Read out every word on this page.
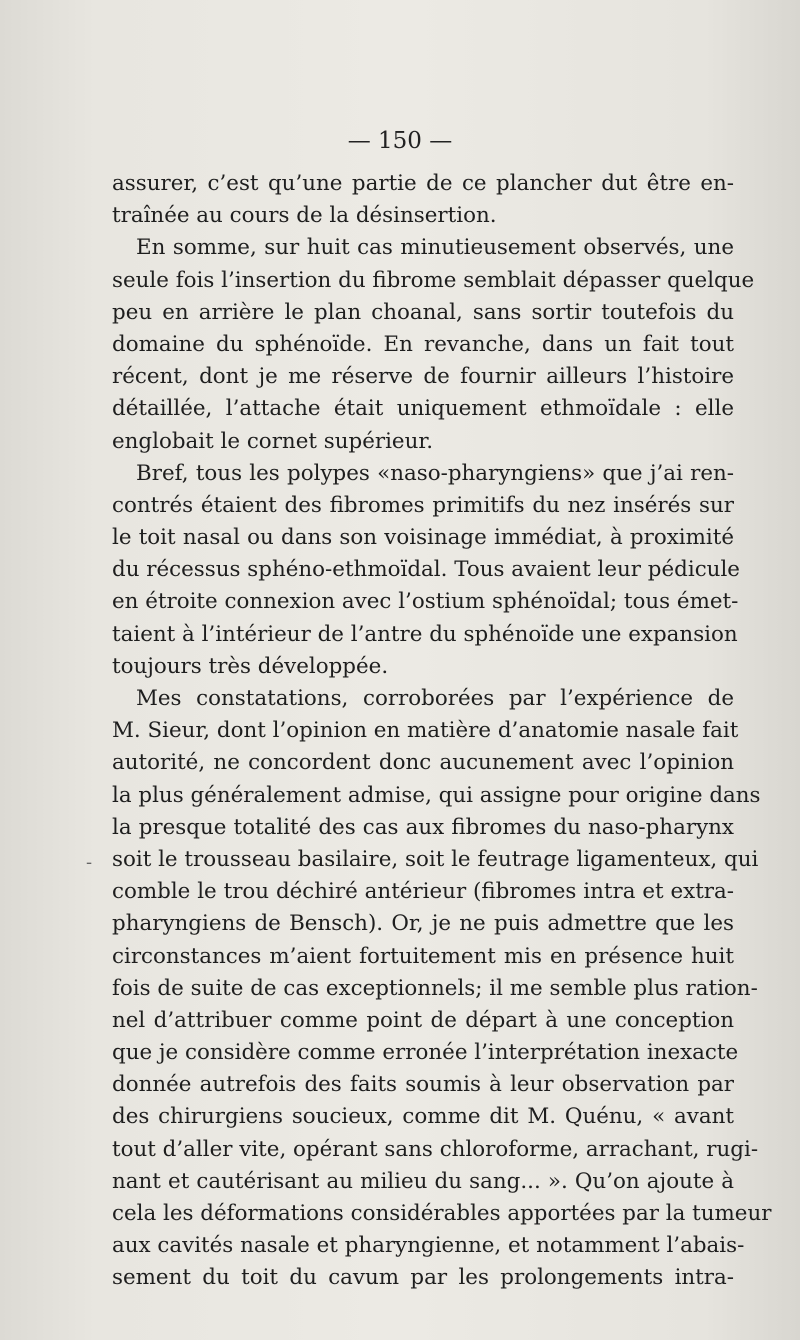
— 150 —
-
assurer, c’est qu’une partie de ce plancher dut être en-
traînée au cours de la désinsertion.
En somme, sur huit cas minutieusement observés, une
seule fois l’insertion du fibrome semblait dépasser quelque
peu en arrière le plan choanal, sans sortir toutefois du
domaine du sphénoïde. En revanche, dans un fait tout
récent, dont je me réserve de fournir ailleurs l’histoire
détaillée, l’attache était uniquement ethmoïdale : elle
englobait le cornet supérieur.
Bref, tous les polypes «naso-pharyngiens» que j’ai ren-
contrés étaient des fibromes primitifs du nez insérés sur
le toit nasal ou dans son voisinage immédiat, à proximité
du récessus sphéno-ethmoïdal. Tous avaient leur pédicule
en étroite connexion avec l’ostium sphénoïdal; tous émet-
taient à l’intérieur de l’antre du sphénoïde une expansion
toujours très développée.
Mes constatations, corroborées par l’expérience de
M. Sieur, dont l’opinion en matière d’anatomie nasale fait
autorité, ne concordent donc aucunement avec l’opinion
la plus généralement admise, qui assigne pour origine dans
la presque totalité des cas aux fibromes du naso-pharynx
soit le trousseau basilaire, soit le feutrage ligamenteux, qui
comble le trou déchiré antérieur (fibromes intra et extra-
pharyngiens de Bensch). Or, je ne puis admettre que les
circonstances m’aient fortuitement mis en présence huit
fois de suite de cas exceptionnels; il me semble plus ration-
nel d’attribuer comme point de départ à une conception
que je considère comme erronée l’interprétation inexacte
donnée autrefois des faits soumis à leur observation par
des chirurgiens soucieux, comme dit M. Quénu, « avant
tout d’aller vite, opérant sans chloroforme, arrachant, rugi-
nant et cautérisant au milieu du sang... ». Qu’on ajoute à
cela les déformations considérables apportées par la tumeur
aux cavités nasale et pharyngienne, et notamment l’abais-
sement du toit du cavum par les prolongements intra-
